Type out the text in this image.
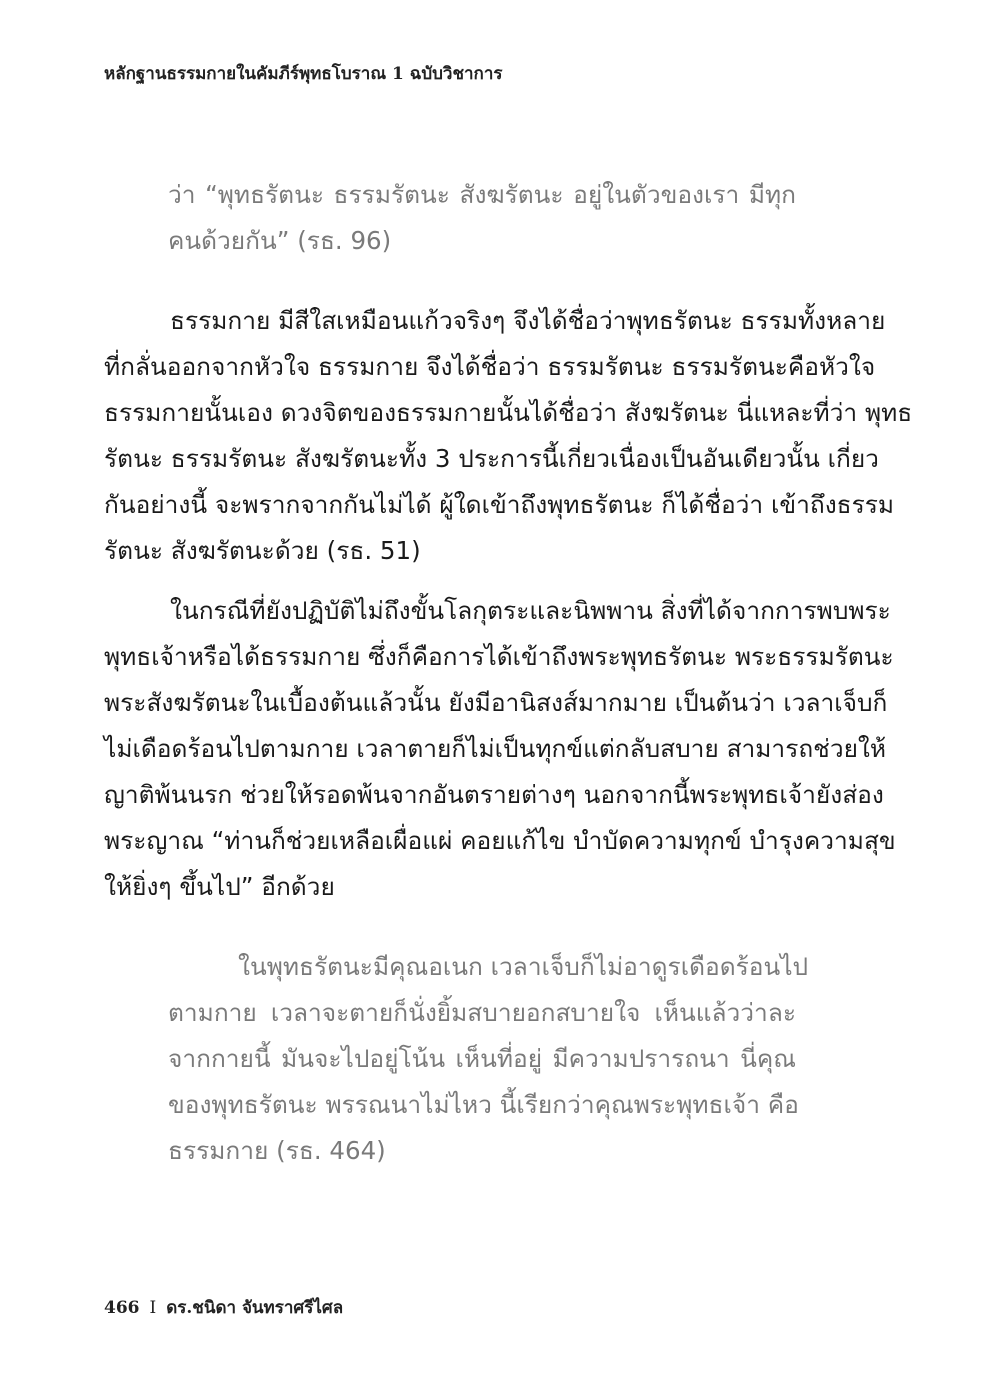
หลักฐานธรรมกายในคัมภีร์พุทธโบราณ 1 ฉบับวิชาการ
ว่า “พุทธรัตนะ ธรรมรัตนะ สังฆรัตนะ อยู่ในตัวของเรา มีทุก
คนด้วยกัน” (รธ. 96)
ธรรมกาย มีสีใสเหมือนแก้วจริงๆ จึงได้ชื่อว่าพุทธรัตนะ ธรรมทั้งหลาย
ที่กลั่นออกจากหัวใจ ธรรมกาย จึงได้ชื่อว่า ธรรมรัตนะ ธรรมรัตนะคือหัวใจ
ธรรมกายนั้นเอง ดวงจิตของธรรมกายนั้นได้ชื่อว่า สังฆรัตนะ นี่แหละที่ว่า พุทธ
รัตนะ ธรรมรัตนะ สังฆรัตนะทั้ง 3 ประการนี้เกี่ยวเนื่องเป็นอันเดียวนั้น เกี่ยว
กันอย่างนี้ จะพรากจากกันไม่ได้ ผู้ใดเข้าถึงพุทธรัตนะ ก็ได้ชื่อว่า เข้าถึงธรรม
รัตนะ สังฆรัตนะด้วย (รธ. 51)
ในกรณีที่ยังปฏิบัติไม่ถึงขั้นโลกุตระและนิพพาน สิ่งที่ได้จากการพบพระ
พุทธเจ้าหรือได้ธรรมกาย ซึ่งก็คือการได้เข้าถึงพระพุทธรัตนะ พระธรรมรัตนะ
พระสังฆรัตนะในเบื้องต้นแล้วนั้น ยังมีอานิสงส์มากมาย เป็นต้นว่า เวลาเจ็บก็
ไม่เดือดร้อนไปตามกาย เวลาตายก็ไม่เป็นทุกข์แต่กลับสบาย สามารถช่วยให้
ญาติพ้นนรก ช่วยให้รอดพ้นจากอันตรายต่างๆ นอกจากนี้พระพุทธเจ้ายังส่อง
พระญาณ “ท่านก็ช่วยเหลือเผื่อแผ่ คอยแก้ไข บำบัดความทุกข์ บำรุงความสุข
ให้ยิ่งๆ ขึ้นไป” อีกด้วย
ในพุทธรัตนะมีคุณอเนก เวลาเจ็บก็ไม่อาดูรเดือดร้อนไป
ตามกาย เวลาจะตายก็นั่งยิ้มสบายอกสบายใจ เห็นแล้วว่าละ
จากกายนี้ มันจะไปอยู่โน้น เห็นที่อยู่ มีความปรารถนา นี่คุณ
ของพุทธรัตนะ พรรณนาไม่ไหว นี้เรียกว่าคุณพระพุทธเจ้า คือ
ธรรมกาย (รธ. 464)
466 I ดร.ชนิดา จันทราศรีไศล
